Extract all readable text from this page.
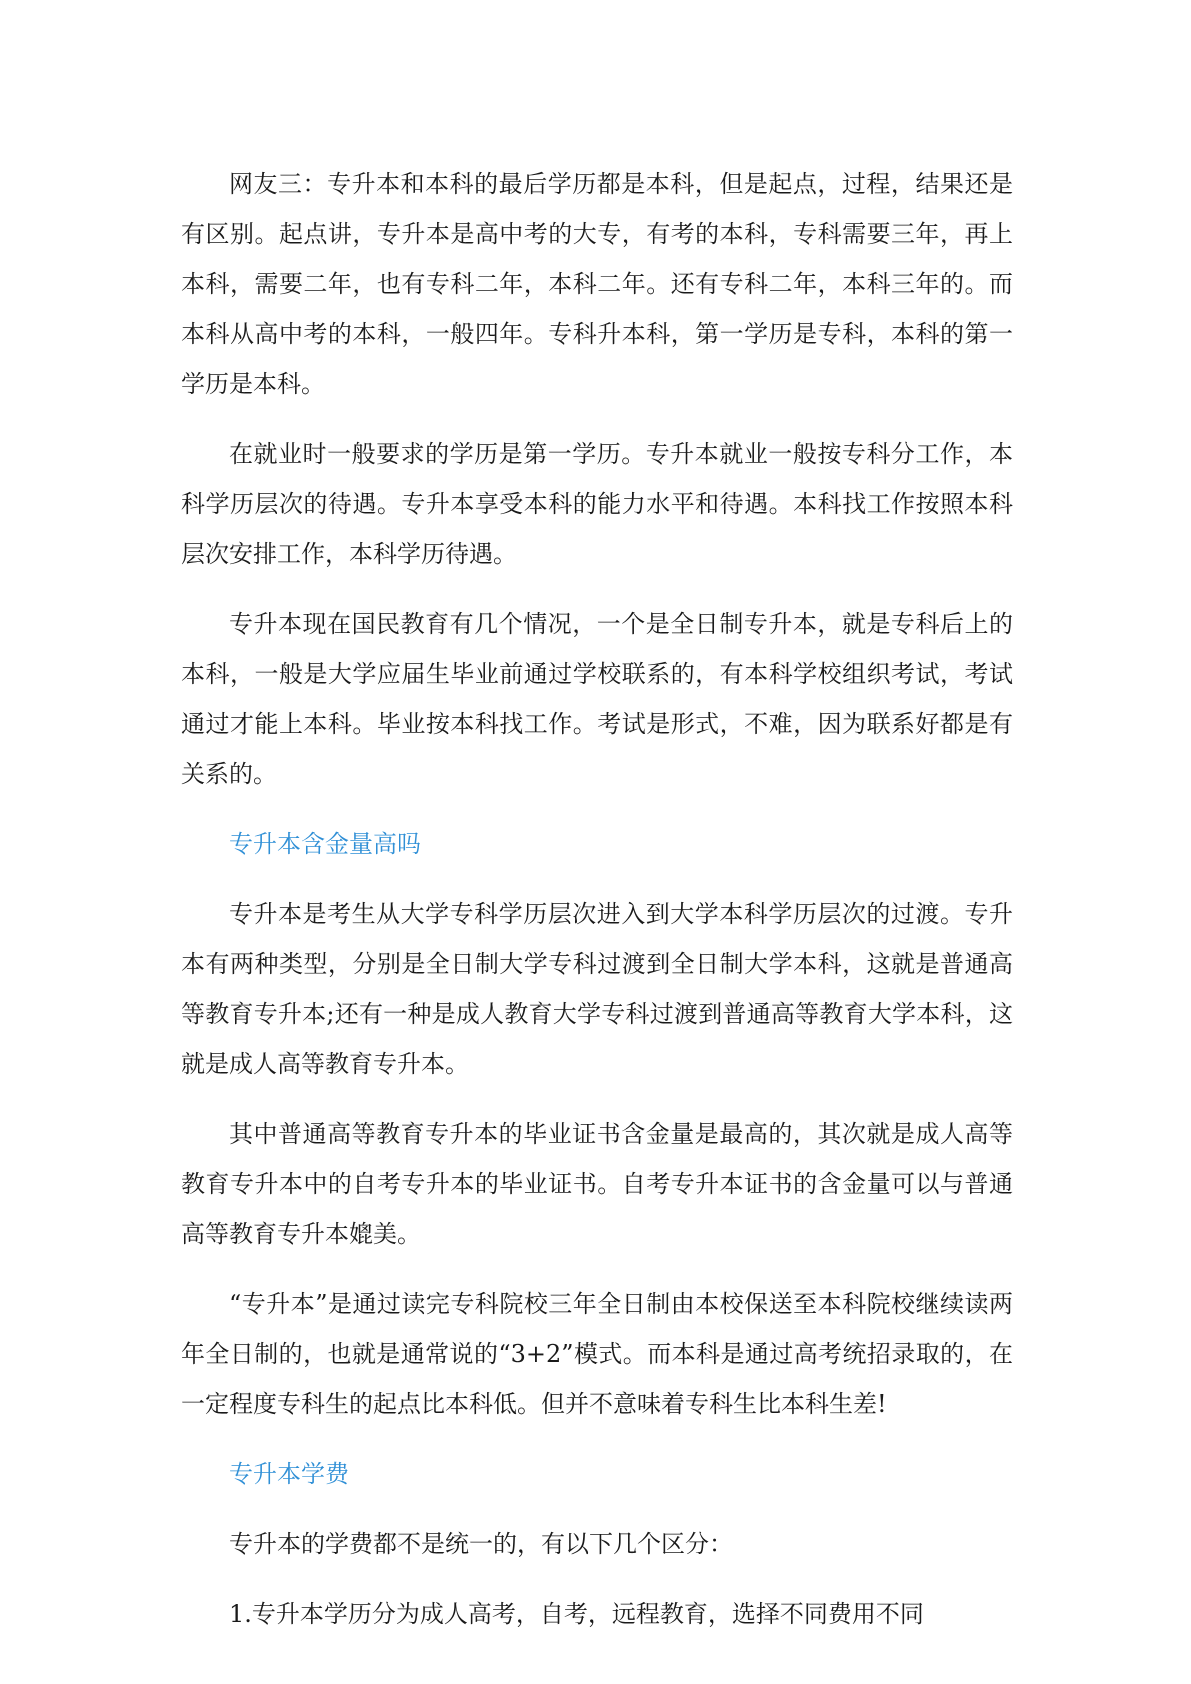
网友三：专升本和本科的最后学历都是本科，但是起点，过程，结果还是有区别。起点讲，专升本是高中考的大专，有考的本科，专科需要三年，再上本科，需要二年，也有专科二年，本科二年。还有专科二年，本科三年的。而本科从高中考的本科，一般四年。专科升本科，第一学历是专科，本科的第一学历是本科。

在就业时一般要求的学历是第一学历。专升本就业一般按专科分工作，本科学历层次的待遇。专升本享受本科的能力水平和待遇。本科找工作按照本科层次安排工作，本科学历待遇。

专升本现在国民教育有几个情况，一个是全日制专升本，就是专科后上的本科，一般是大学应届生毕业前通过学校联系的，有本科学校组织考试，考试通过才能上本科。毕业按本科找工作。考试是形式，不难，因为联系好都是有关系的。

专升本含金量高吗

专升本是考生从大学专科学历层次进入到大学本科学历层次的过渡。专升本有两种类型，分别是全日制大学专科过渡到全日制大学本科，这就是普通高等教育专升本;还有一种是成人教育大学专科过渡到普通高等教育大学本科，这就是成人高等教育专升本。

其中普通高等教育专升本的毕业证书含金量是最高的，其次就是成人高等教育专升本中的自考专升本的毕业证书。自考专升本证书的含金量可以与普通高等教育专升本媲美。

“专升本”是通过读完专科院校三年全日制由本校保送至本科院校继续读两年全日制的，也就是通常说的“3+2”模式。而本科是通过高考统招录取的，在一定程度专科生的起点比本科低。但并不意味着专科生比本科生差!

专升本学费

专升本的学费都不是统一的，有以下几个区分：

1.专升本学历分为成人高考，自考，远程教育，选择不同费用不同
